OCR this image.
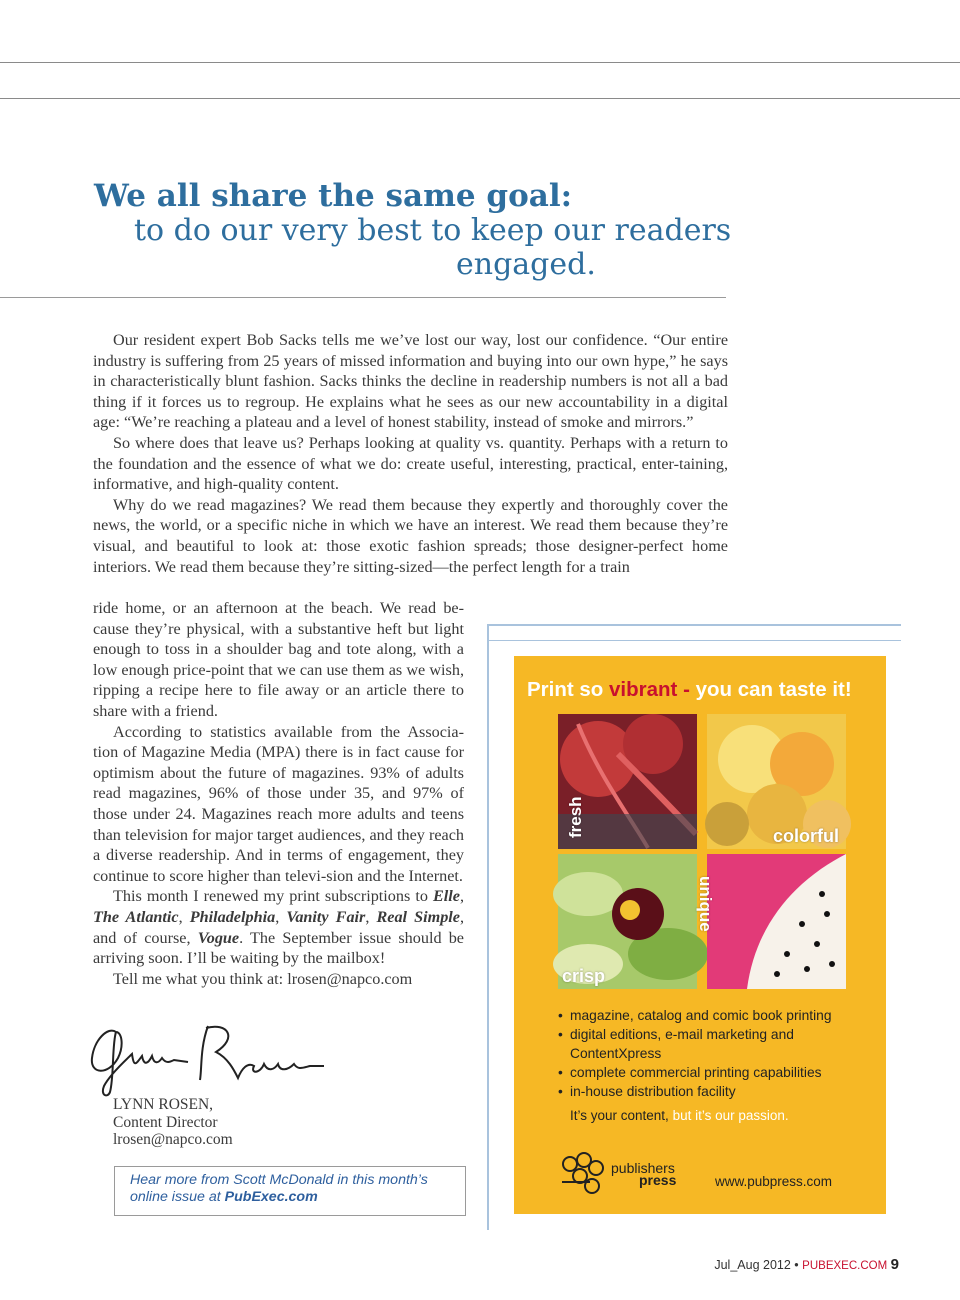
We all share the same goal:
to do our very best to keep our readers
engaged.

Our resident expert Bob Sacks tells me we’ve lost our way, lost our confidence. “Our entire industry is suffering from 25 years of missed information and buying into our own hype,” he says in characteristically blunt fashion. Sacks thinks the decline in readership numbers is not all a bad thing if it forces us to regroup. He explains what he sees as our new accountability in a digital age: “We’re reaching a plateau and a level of honest stability, instead of smoke and mirrors.”

So where does that leave us? Perhaps looking at quality vs. quantity. Perhaps with a return to the foundation and the essence of what we do: create useful, interesting, practical, enter-taining, informative, and high-quality content.

Why do we read magazines? We read them because they expertly and thoroughly cover the news, the world, or a specific niche in which we have an interest. We read them because they’re visual, and beautiful to look at: those exotic fashion spreads; those designer-perfect home interiors. We read them because they’re sitting-sized—the perfect length for a train

ride home, or an afternoon at the beach. We read be-cause they’re physical, with a substantive heft but light enough to toss in a shoulder bag and tote along, with a low enough price-point that we can use them as we wish, ripping a recipe here to file away or an article there to share with a friend.

According to statistics available from the Associa-tion of Magazine Media (MPA) there is in fact cause for optimism about the future of magazines. 93% of adults read magazines, 96% of those under 35, and 97% of those under 24. Magazines reach more adults and teens than television for major target audiences, and they reach a diverse readership. And in terms of engagement, they continue to score higher than televi-sion and the Internet.

This month I renewed my print subscriptions to Elle, The Atlantic, Philadelphia, Vanity Fair, Real Simple, and of course, Vogue. The September issue should be arriving soon. I’ll be waiting by the mailbox!

Tell me what you think at: lrosen@napco.com

LYNN ROSEN,
Content Director
lrosen@napco.com
Hear more from Scott McDonald in this month’s online issue at PubExec.com
Print so vibrant - you can taste it!
fresh	colorful
crisp
unique
• magazine, catalog and comic book printing
• digital editions, e-mail marketing and ContentXpress
• complete commercial printing capabilities
• in-house distribution facility
It’s your content, but it’s our passion.
publishers
press	www.pubpress.com
Jul_Aug 2012 • PUBEXEC.COM 9
